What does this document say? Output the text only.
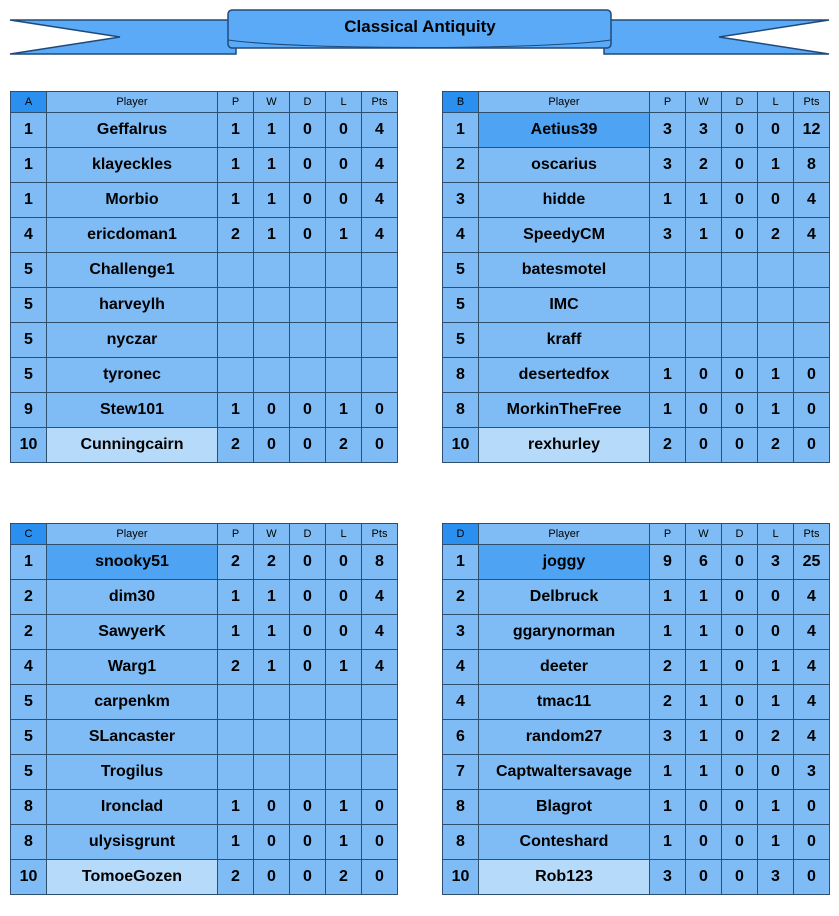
Classical Antiquity
A	Player	P	W	D	L	Pts
1	Geffalrus	1	1	0	0	4
1	klayeckles	1	1	0	0	4
1	Morbio	1	1	0	0	4
4	ericdoman1	2	1	0	1	4
5	Challenge1					
5	harveylh					
5	nyczar					
5	tyronec					
9	Stew101	1	0	0	1	0
10	Cunningcairn	2	0	0	2	0
B	Player	P	W	D	L	Pts
1	Aetius39	3	3	0	0	12
2	oscarius	3	2	0	1	8
3	hidde	1	1	0	0	4
4	SpeedyCM	3	1	0	2	4
5	batesmotel					
5	IMC					
5	kraff					
8	desertedfox	1	0	0	1	0
8	MorkinTheFree	1	0	0	1	0
10	rexhurley	2	0	0	2	0
C	Player	P	W	D	L	Pts
1	snooky51	2	2	0	0	8
2	dim30	1	1	0	0	4
2	SawyerK	1	1	0	0	4
4	Warg1	2	1	0	1	4
5	carpenkm					
5	SLancaster					
5	Trogilus					
8	Ironclad	1	0	0	1	0
8	ulysisgrunt	1	0	0	1	0
10	TomoeGozen	2	0	0	2	0
D	Player	P	W	D	L	Pts
1	joggy	9	6	0	3	25
2	Delbruck	1	1	0	0	4
3	ggarynorman	1	1	0	0	4
4	deeter	2	1	0	1	4
4	tmac11	2	1	0	1	4
6	random27	3	1	0	2	4
7	Captwaltersavage	1	1	0	0	3
8	Blagrot	1	0	0	1	0
8	Conteshard	1	0	0	1	0
10	Rob123	3	0	0	3	0
